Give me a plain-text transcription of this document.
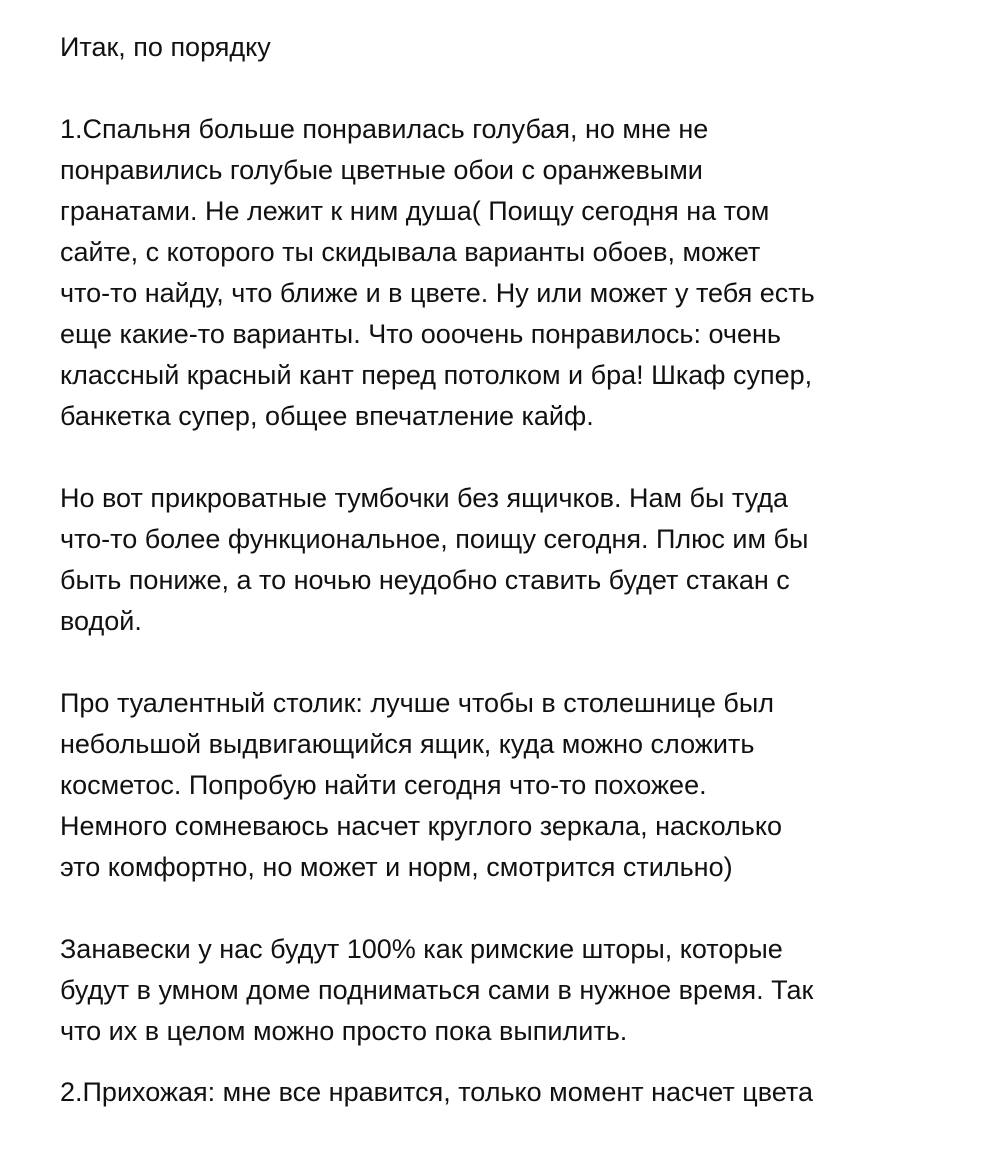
Итак, по порядку
1.Спальня больше понравилась голубая, но мне не
понравились голубые цветные обои с оранжевыми
гранатами. Не лежит к ним душа( Поищу сегодня на том
сайте, с которого ты скидывала варианты обоев, может
что-то найду, что ближе и в цвете. Ну или может у тебя есть
еще какие-то варианты. Что ооочень понравилось: очень
классный красный кант перед потолком и бра! Шкаф супер,
банкетка супер, общее впечатление кайф.
Но вот прикроватные тумбочки без ящичков. Нам бы туда
что-то более функциональное, поищу сегодня. Плюс им бы
быть пониже, а то ночью неудобно ставить будет стакан с
водой.
Про туалентный столик: лучше чтобы в столешнице был
небольшой выдвигающийся ящик, куда можно сложить
косметос. Попробую найти сегодня что-то похожее.
Немного сомневаюсь насчет круглого зеркала, насколько
это комфортно, но может и норм, смотрится стильно)
Занавески у нас будут 100% как римские шторы, которые
будут в умном доме подниматься сами в нужное время. Так
что их в целом можно просто пока выпилить.
2.Прихожая: мне все нравится, только момент насчет цвета
